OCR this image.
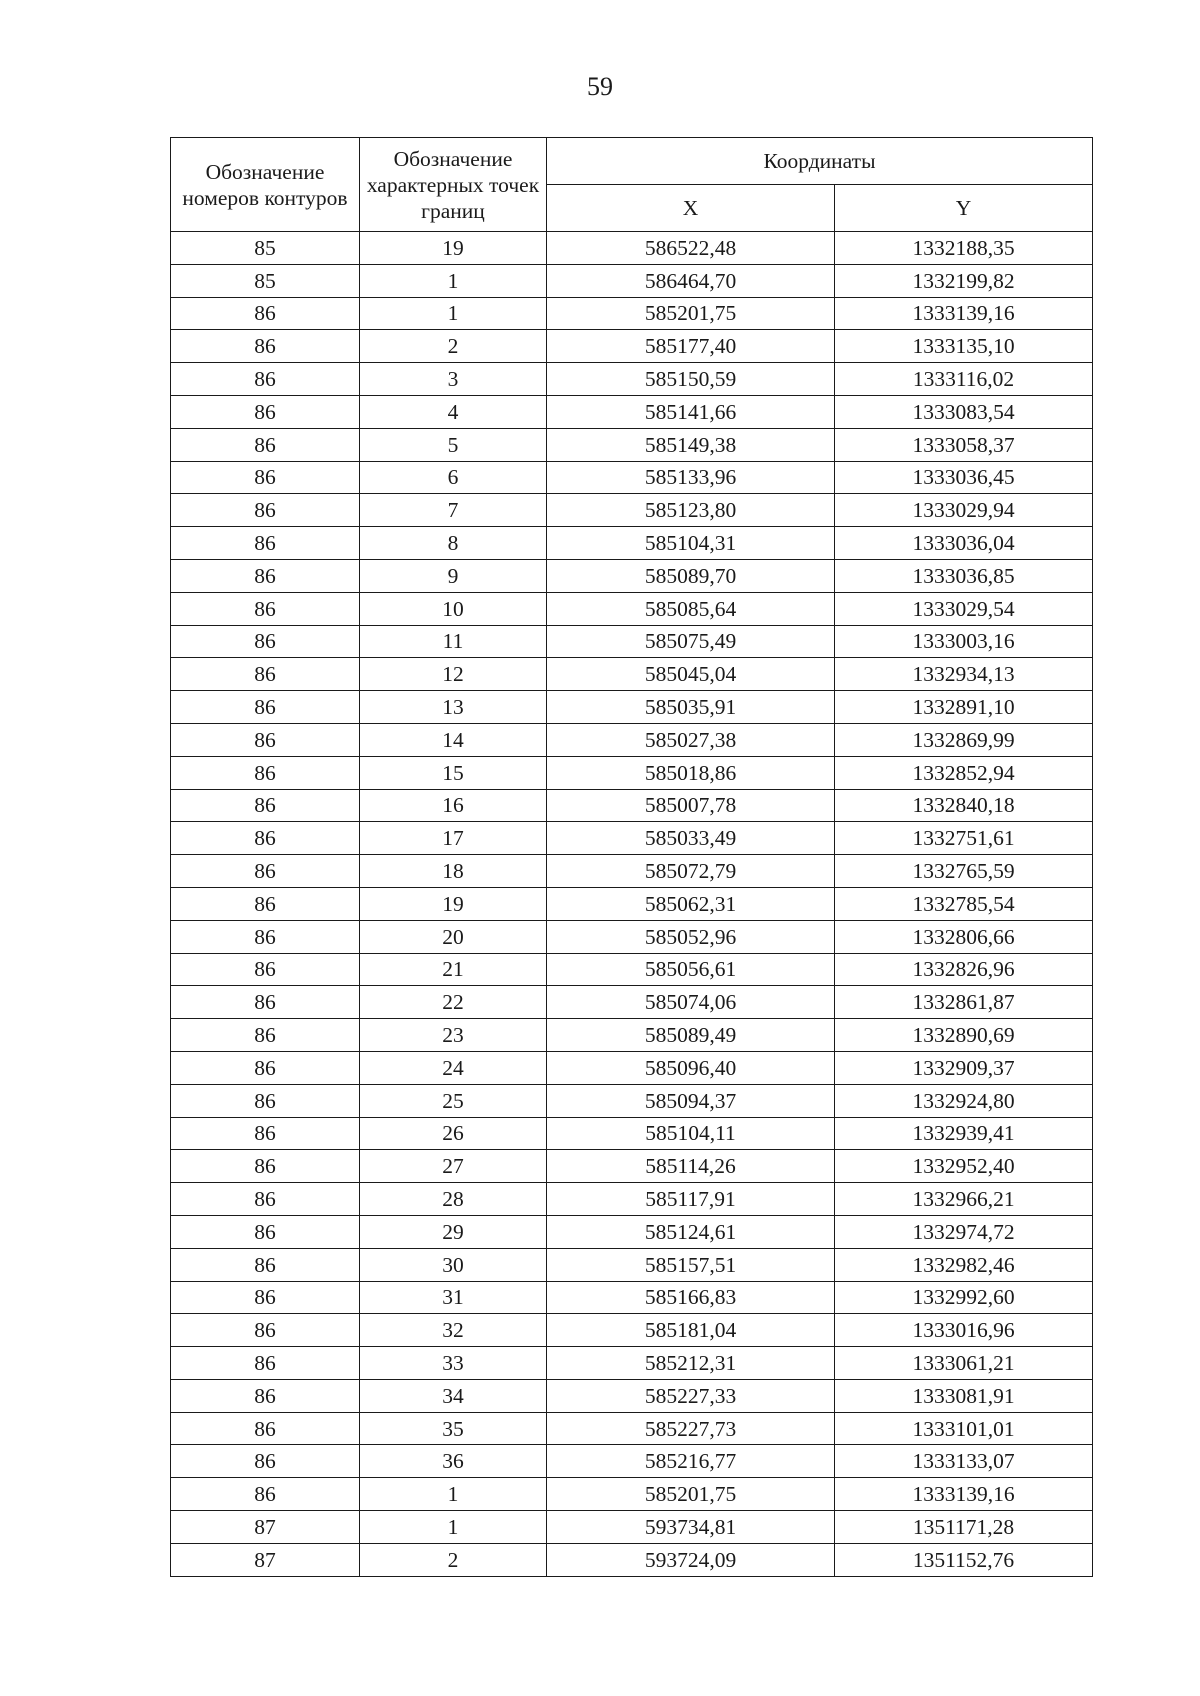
59
Обозначение номеров контуров	Обозначение характерных точек границ	Координаты	
		X	Y
85	19	586522,48	1332188,35
85	1	586464,70	1332199,82
86	1	585201,75	1333139,16
86	2	585177,40	1333135,10
86	3	585150,59	1333116,02
86	4	585141,66	1333083,54
86	5	585149,38	1333058,37
86	6	585133,96	1333036,45
86	7	585123,80	1333029,94
86	8	585104,31	1333036,04
86	9	585089,70	1333036,85
86	10	585085,64	1333029,54
86	11	585075,49	1333003,16
86	12	585045,04	1332934,13
86	13	585035,91	1332891,10
86	14	585027,38	1332869,99
86	15	585018,86	1332852,94
86	16	585007,78	1332840,18
86	17	585033,49	1332751,61
86	18	585072,79	1332765,59
86	19	585062,31	1332785,54
86	20	585052,96	1332806,66
86	21	585056,61	1332826,96
86	22	585074,06	1332861,87
86	23	585089,49	1332890,69
86	24	585096,40	1332909,37
86	25	585094,37	1332924,80
86	26	585104,11	1332939,41
86	27	585114,26	1332952,40
86	28	585117,91	1332966,21
86	29	585124,61	1332974,72
86	30	585157,51	1332982,46
86	31	585166,83	1332992,60
86	32	585181,04	1333016,96
86	33	585212,31	1333061,21
86	34	585227,33	1333081,91
86	35	585227,73	1333101,01
86	36	585216,77	1333133,07
86	1	585201,75	1333139,16
87	1	593734,81	1351171,28
87	2	593724,09	1351152,76
